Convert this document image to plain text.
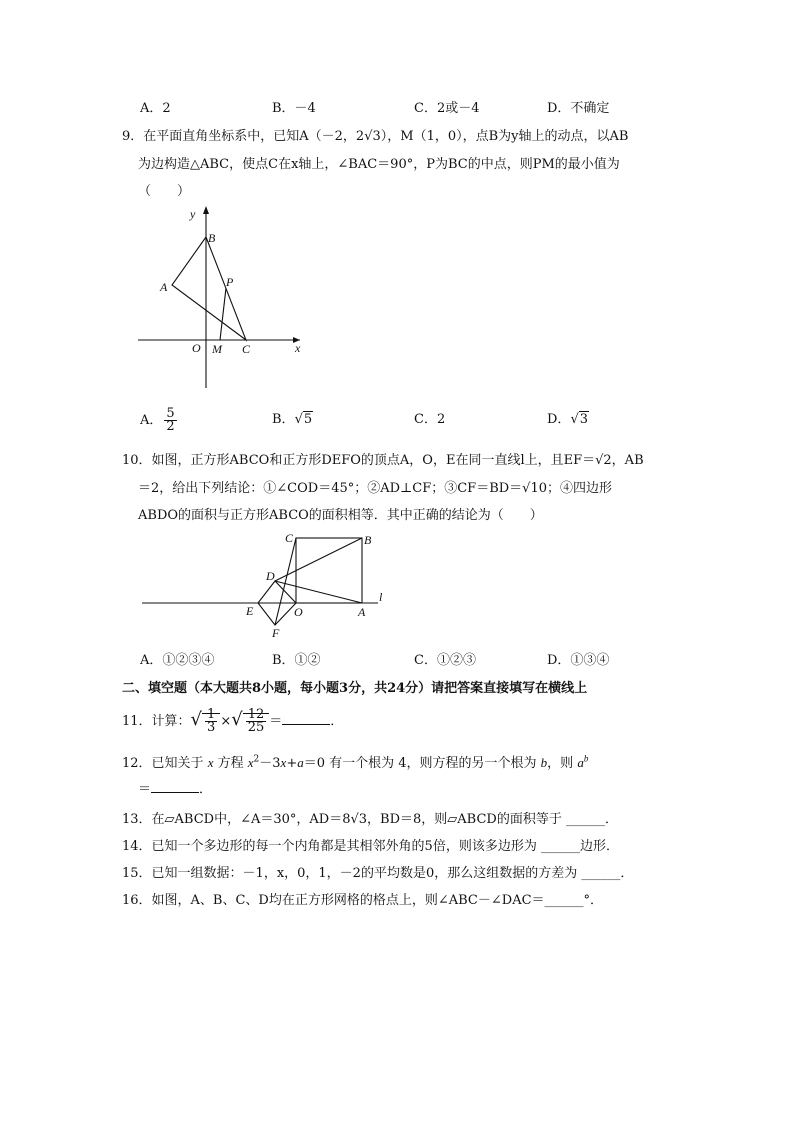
A．2	B．－4	C．2或－4	D．不确定
9．在平面直角坐标系中，已知A（－2，2√3），M（1，0），点B为y轴上的动点，以AB
为边构造△ABC，使点C在x轴上，∠BAC＝90°，P为BC的中点，则PM的最小值为
（　　）
y
B
A	P
O M C	x
A． $\frac{5}{2}$	B．√5	C．2	D．√3
10．如图，正方形ABCO和正方形DEFO的顶点A，O，E在同一直线l上，且EF＝√2，AB
＝2，给出下列结论：①∠COD＝45°；②AD⊥CF；③CF＝BD＝√10；④四边形
ABDO的面积与正方形ABCO的面积相等．其中正确的结论为（　　）
C	B
D
l
E	O	A
F
A．①②③④	B．①②	C．①②③	D．①③④
二、填空题（本大题共8小题，每小题3分，共24分）请把答案直接填写在横线上
11．计算：√ $\frac{1}{3}$ ×√ $\frac{12}{25}$ ＝	．
12．已知关于 x 方程 $x^2-3x+a=0$ 有一个根为 4，则方程的另一个根为 b，则 $a^b$
＝	．
13．在▱ABCD中，∠A＝30°，AD＝8√3，BD＝8，则▱ABCD的面积等于 ______．
14．已知一个多边形的每一个内角都是其相邻外角的5倍，则该多边形为 ______边形．
15．已知一组数据：－1，x，0，1，－2的平均数是0，那么这组数据的方差为 ______．
16．如图，A、B、C、D均在正方形网格的格点上，则∠ABC－∠DAC＝______°．
